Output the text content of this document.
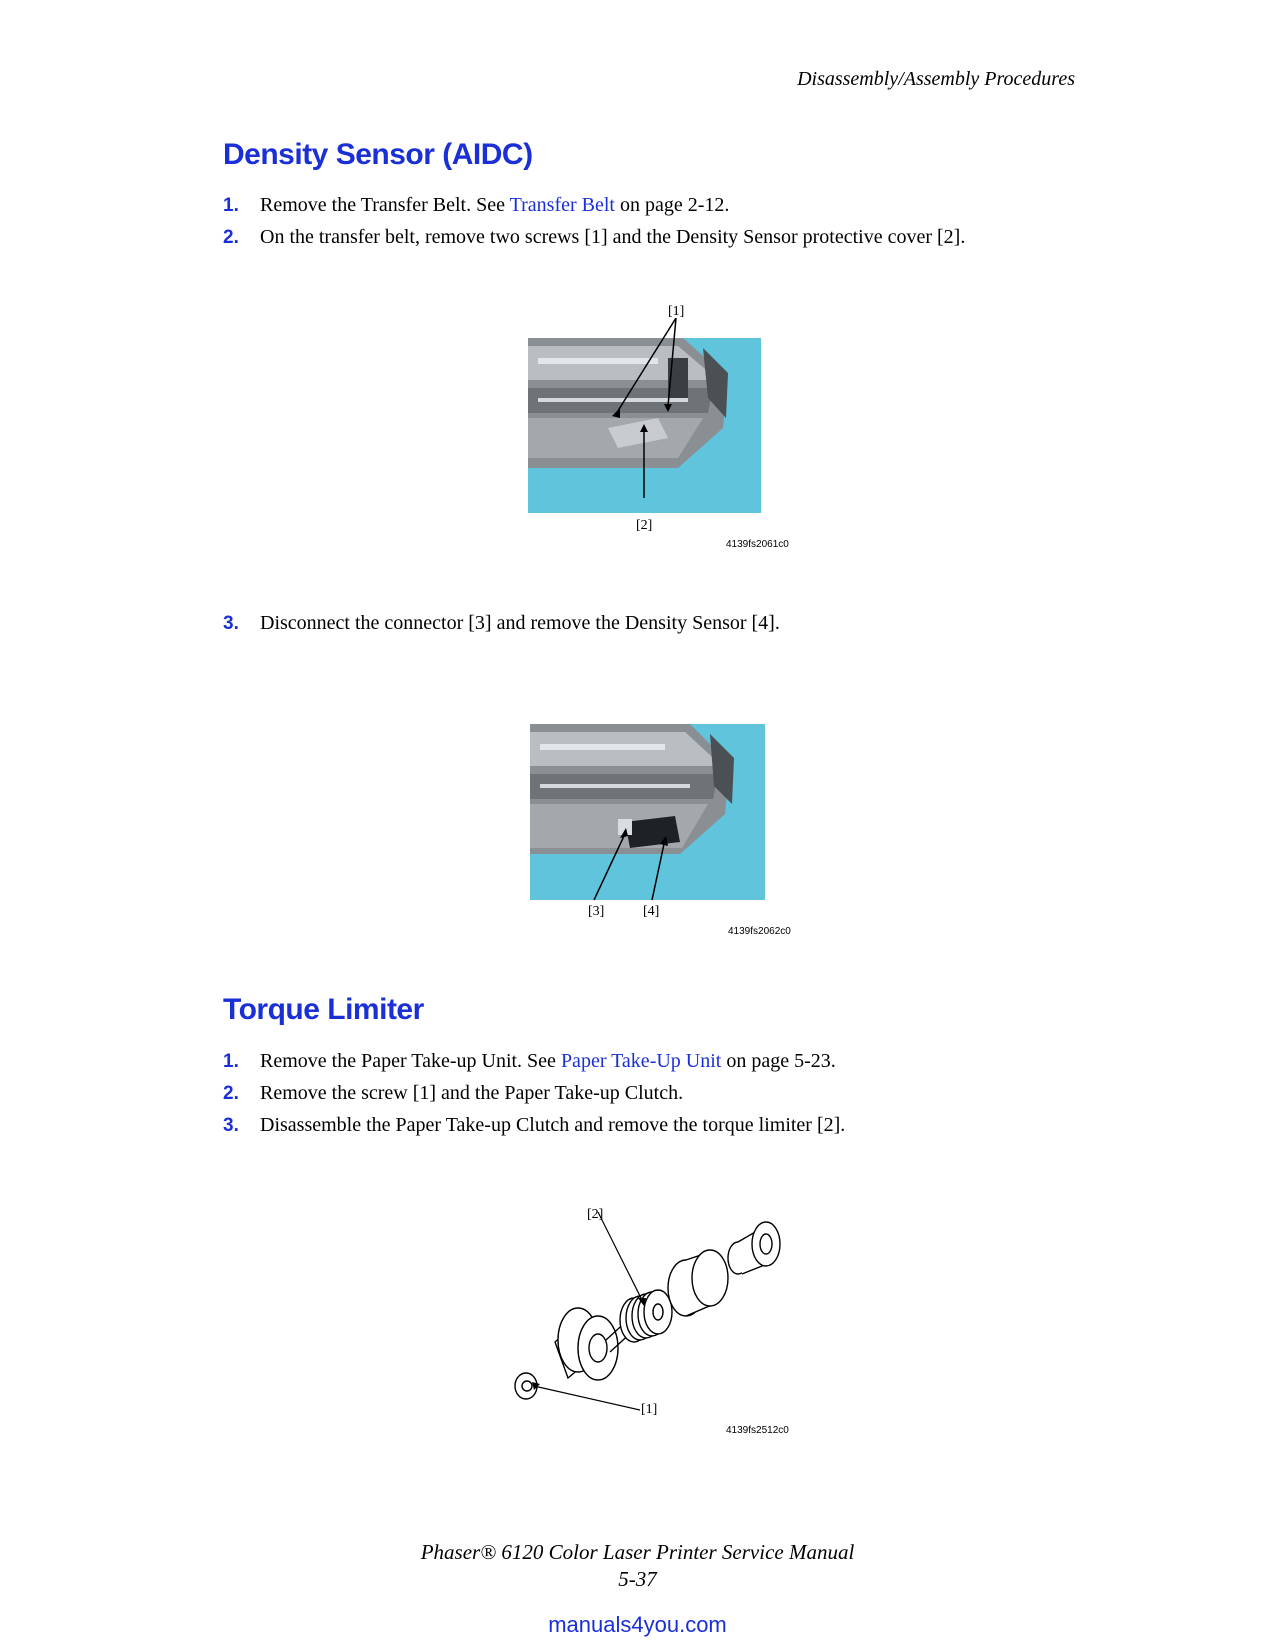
Disassembly/Assembly Procedures
Density Sensor (AIDC)
1. Remove the Transfer Belt. See Transfer Belt on page 2-12.
2. On the transfer belt, remove two screws [1] and the Density Sensor protective cover [2].
[1]
[2]
4139fs2061c0
3. Disconnect the connector [3] and remove the Density Sensor [4].
[3]	[4]
4139fs2062c0
Torque Limiter
1. Remove the Paper Take-up Unit. See Paper Take-Up Unit on page 5-23.
2. Remove the screw [1] and the Paper Take-up Clutch.
3. Disassemble the Paper Take-up Clutch and remove the torque limiter [2].
[2]
[1]
4139fs2512c0
Phaser® 6120 Color Laser Printer Service Manual
5-37
manuals4you.com
